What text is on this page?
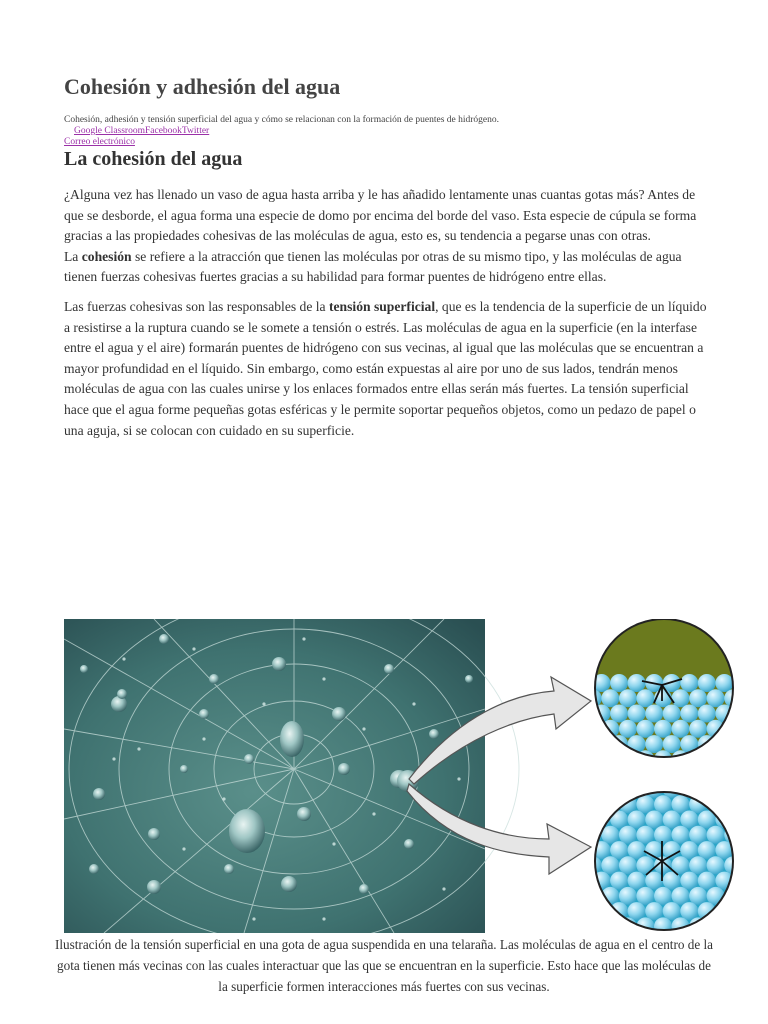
Cohesión y adhesión del agua

Cohesión, adhesión y tensión superficial del agua y cómo se relacionan con la formación de puentes de hidrógeno.

Google ClassroomFacebookTwitter
Correo electrónico
La cohesión del agua
¿Alguna vez has llenado un vaso de agua hasta arriba y le has añadido lentamente unas cuantas gotas más? Antes de que se desborde, el agua forma una especie de domo por encima del borde del vaso. Esta especie de cúpula se forma gracias a las propiedades cohesivas de las moléculas de agua, esto es, su tendencia a pegarse unas con otras.
La cohesión se refiere a la atracción que tienen las moléculas por otras de su mismo tipo, y las moléculas de agua tienen fuerzas cohesivas fuertes gracias a su habilidad para formar puentes de hidrógeno entre ellas.
Las fuerzas cohesivas son las responsables de la tensión superficial, que es la tendencia de la superficie de un líquido a resistirse a la ruptura cuando se le somete a tensión o estrés. Las moléculas de agua en la superficie (en la interfase entre el agua y el aire) formarán puentes de hidrógeno con sus vecinas, al igual que las moléculas que se encuentran a mayor profundidad en el líquido. Sin embargo, como están expuestas al aire por uno de sus lados, tendrán menos moléculas de agua con las cuales unirse y los enlaces formados entre ellas serán más fuertes. La tensión superficial hace que el agua forme pequeñas gotas esféricas y le permite soportar pequeños objetos, como un pedazo de papel o una aguja, si se colocan con cuidado en su superficie.

Ilustración de la tensión superficial en una gota de agua suspendida en una telaraña. Las moléculas de agua en el centro de la gota tienen más vecinas con las cuales interactuar que las que se encuentran en la superficie. Esto hace que las moléculas de la superficie formen interacciones más fuertes con sus vecinas.
